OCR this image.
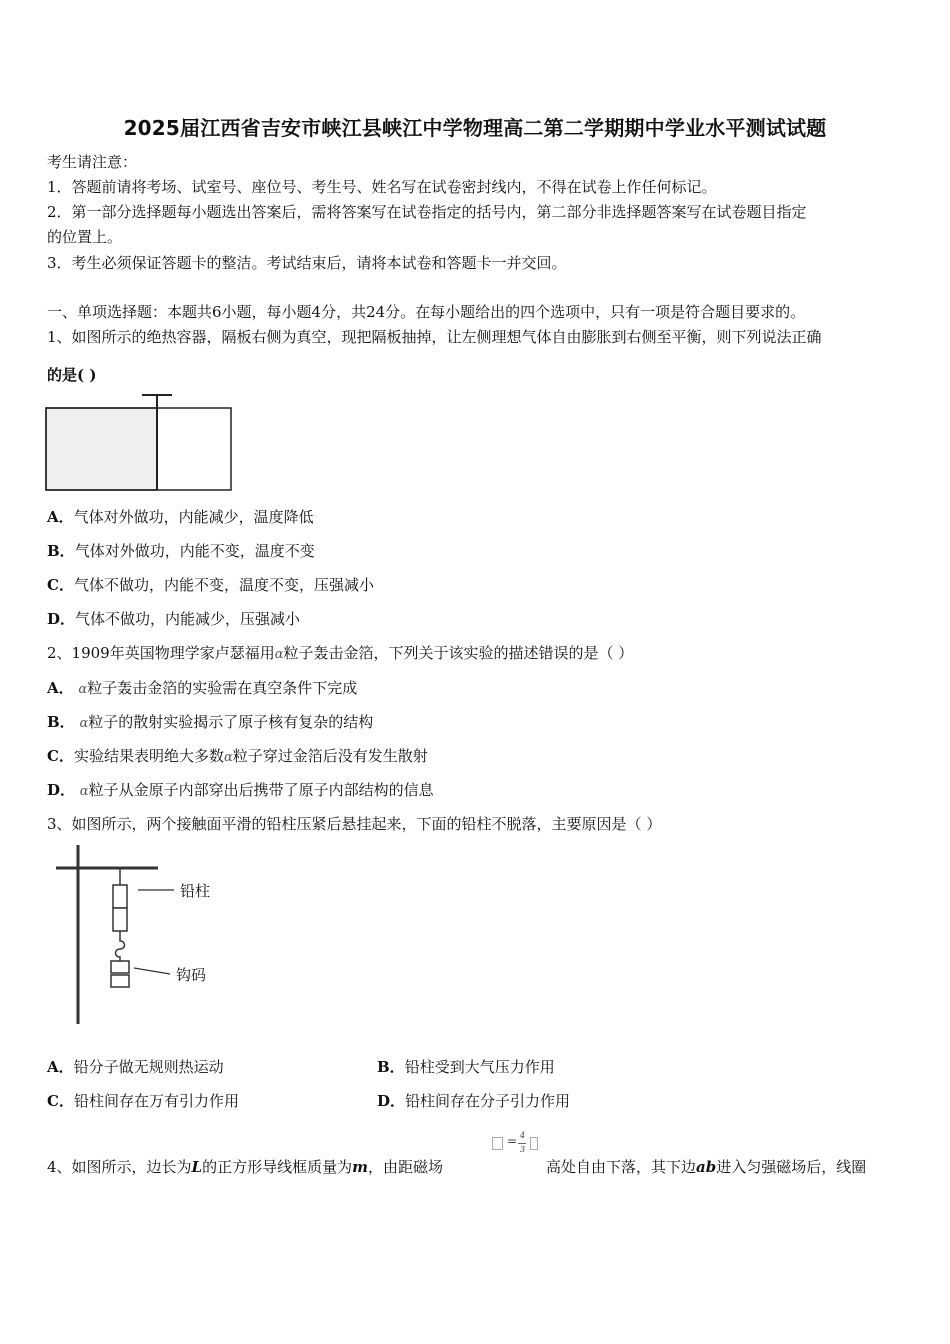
2025届江西省吉安市峡江县峡江中学物理高二第二学期期中学业水平测试试题
考生请注意：
1．答题前请将考场、试室号、座位号、考生号、姓名写在试卷密封线内，不得在试卷上作任何标记。
2．第一部分选择题每小题选出答案后，需将答案写在试卷指定的括号内，第二部分非选择题答案写在试卷题目指定
的位置上。
3．考生必须保证答题卡的整洁。考试结束后，请将本试卷和答题卡一并交回。
一、单项选择题：本题共6小题，每小题4分，共24分。在每小题给出的四个选项中，只有一项是符合题目要求的。
1、如图所示的绝热容器，隔板右侧为真空，现把隔板抽掉，让左侧理想气体自由膨胀到右侧至平衡，则下列说法正确
的是( )
A．气体对外做功，内能减少，温度降低
B．气体对外做功，内能不变，温度不变
C．气体不做功，内能不变，温度不变，压强减小
D．气体不做功，内能减少，压强减小
2、1909年英国物理学家卢瑟福用α粒子轰击金箔，下列关于该实验的描述错误的是（ ）
A． α粒子轰击金箔的实验需在真空条件下完成
B． α粒子的散射实验揭示了原子核有复杂的结构
C．实验结果表明绝大多数α粒子穿过金箔后没有发生散射
D． α粒子从金原子内部穿出后携带了原子内部结构的信息
3、如图所示，两个接触面平滑的铅柱压紧后悬挂起来，下面的铅柱不脱落，主要原因是（ ）
铅柱
钩码
A．铅分子做无规则热运动	B．铅柱受到大气压力作用
C．铅柱间存在万有引力作用	D．铅柱间存在分子引力作用
4、如图所示，边长为L的正方形导线框质量为m，由距磁场
= 4
3
高处自由下落，其下边ab进入匀强磁场后，线圈
